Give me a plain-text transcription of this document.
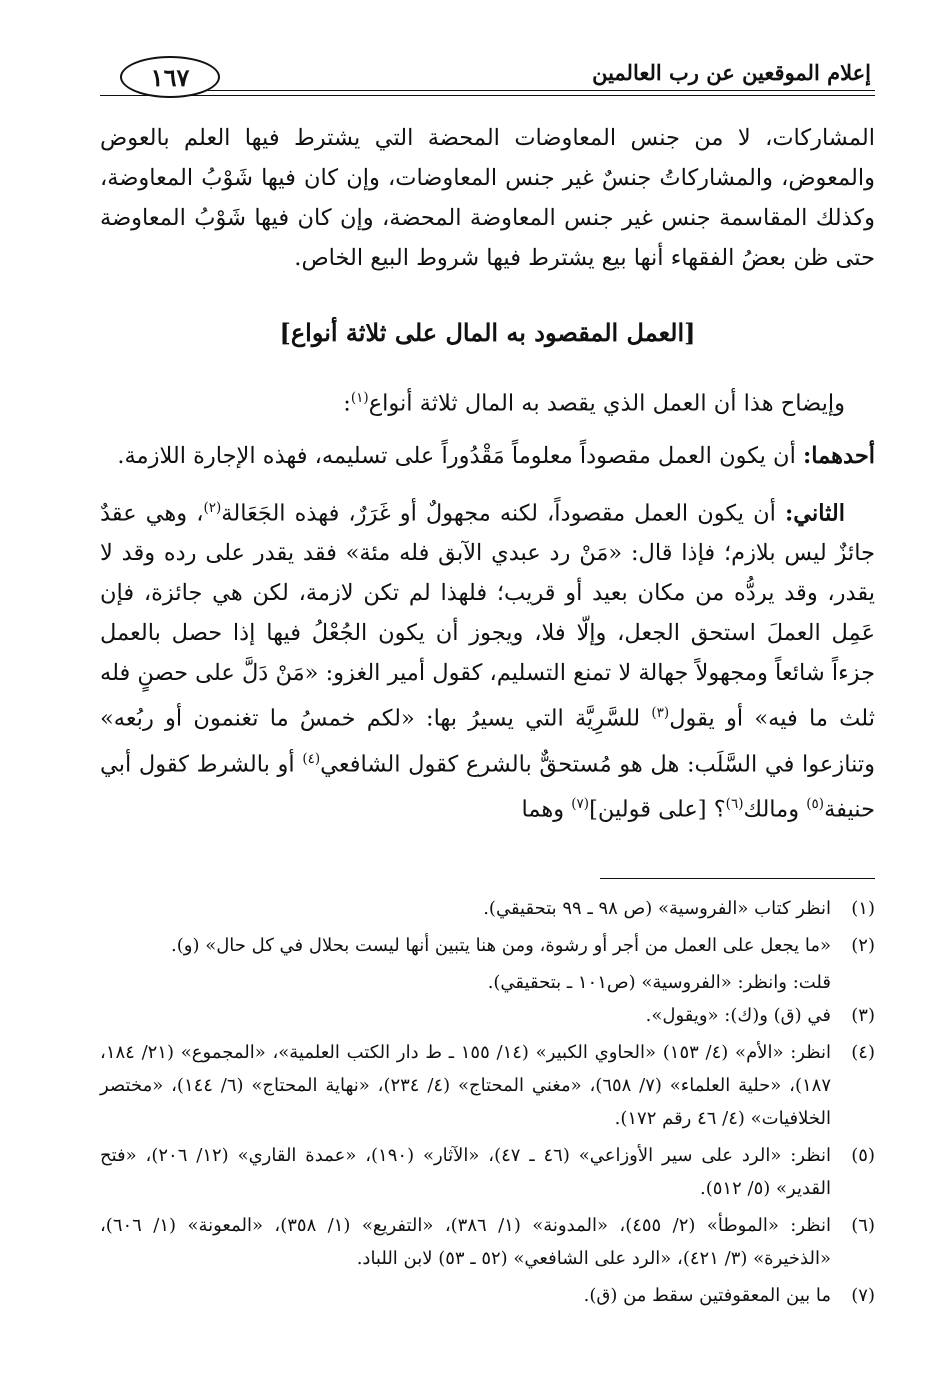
إعلام الموقعين عن رب العالمين
١٦٧

المشاركات، لا من جنس المعاوضات المحضة التي يشترط فيها العلم بالعوض والمعوض، والمشاركاتُ جنسٌ غير جنس المعاوضات، وإن كان فيها شَوْبُ المعاوضة، وكذلك المقاسمة جنس غير جنس المعاوضة المحضة، وإن كان فيها شَوْبُ المعاوضة حتى ظن بعضُ الفقهاء أنها بيع يشترط فيها شروط البيع الخاص.

[العمل المقصود به المال على ثلاثة أنواع]

وإيضاح هذا أن العمل الذي يقصد به المال ثلاثة أنواع$^{(١)}$:

أحدهما: أن يكون العمل مقصوداً معلوماً مَقْدُوراً على تسليمه، فهذه الإجارة اللازمة.

الثاني: أن يكون العمل مقصوداً، لكنه مجهولٌ أو غَرَرٌ، فهذه الجَعَالة$^{(٢)}$، وهي عقدٌ جائزٌ ليس بلازم؛ فإذا قال: «مَنْ رد عبدي الآبق فله مئة» فقد يقدر على رده وقد لا يقدر، وقد يردُّه من مكان بعيد أو قريب؛ فلهذا لم تكن لازمة، لكن هي جائزة، فإن عَمِل العملَ استحق الجعل، وإلّا فلا، ويجوز أن يكون الجُعْلُ فيها إذا حصل بالعمل جزءاً شائعاً ومجهولاً جهالة لا تمنع التسليم، كقول أمير الغزو: «مَنْ دَلَّ على حصنٍ فله ثلث ما فيه» أو يقول$^{(٣)}$ للسَّرِيَّة التي يسيرُ بها: «لكم خمسُ ما تغنمون أو ربُعه» وتنازعوا في السَّلَب: هل هو مُستحقٌّ بالشرع كقول الشافعي$^{(٤)}$ أو بالشرط كقول أبي حنيفة$^{(٥)}$ ومالك$^{(٦)}$؟ [على قولين]$^{(٧)}$ وهما

(١)
انظر كتاب «الفروسية» (ص ٩٨ ـ ٩٩ بتحقيقي).
(٢)
«ما يجعل على العمل من أجر أو رشوة، ومن هنا يتبين أنها ليست بحلال في كل حال» (و).
قلت: وانظر: «الفروسية» (ص١٠١ ـ بتحقيقي).
(٣)
في (ق) و(ك): «ويقول».
(٤)
انظر: «الأم» (٤/ ١٥٣) «الحاوي الكبير» (١٤/ ١٥٥ ـ ط دار الكتب العلمية»، «المجموع» (٢١/ ١٨٤، ١٨٧)، «حلية العلماء» (٧/ ٦٥٨)، «مغني المحتاج» (٤/ ٢٣٤)، «نهاية المحتاج» (٦/ ١٤٤)، «مختصر الخلافيات» (٤/ ٤٦ رقم ١٧٢).
(٥)
انظر: «الرد على سير الأوزاعي» (٤٦ ـ ٤٧)، «الآثار» (١٩٠)، «عمدة القاري» (١٢/ ٢٠٦)، «فتح القدير» (٥/ ٥١٢).
(٦)
انظر: «الموطأ» (٢/ ٤٥٥)، «المدونة» (١/ ٣٨٦)، «التفريع» (١/ ٣٥٨)، «المعونة» (١/ ٦٠٦)، «الذخيرة» (٣/ ٤٢١)، «الرد على الشافعي» (٥٢ ـ ٥٣) لابن اللباد.
(٧)
ما بين المعقوفتين سقط من (ق).
